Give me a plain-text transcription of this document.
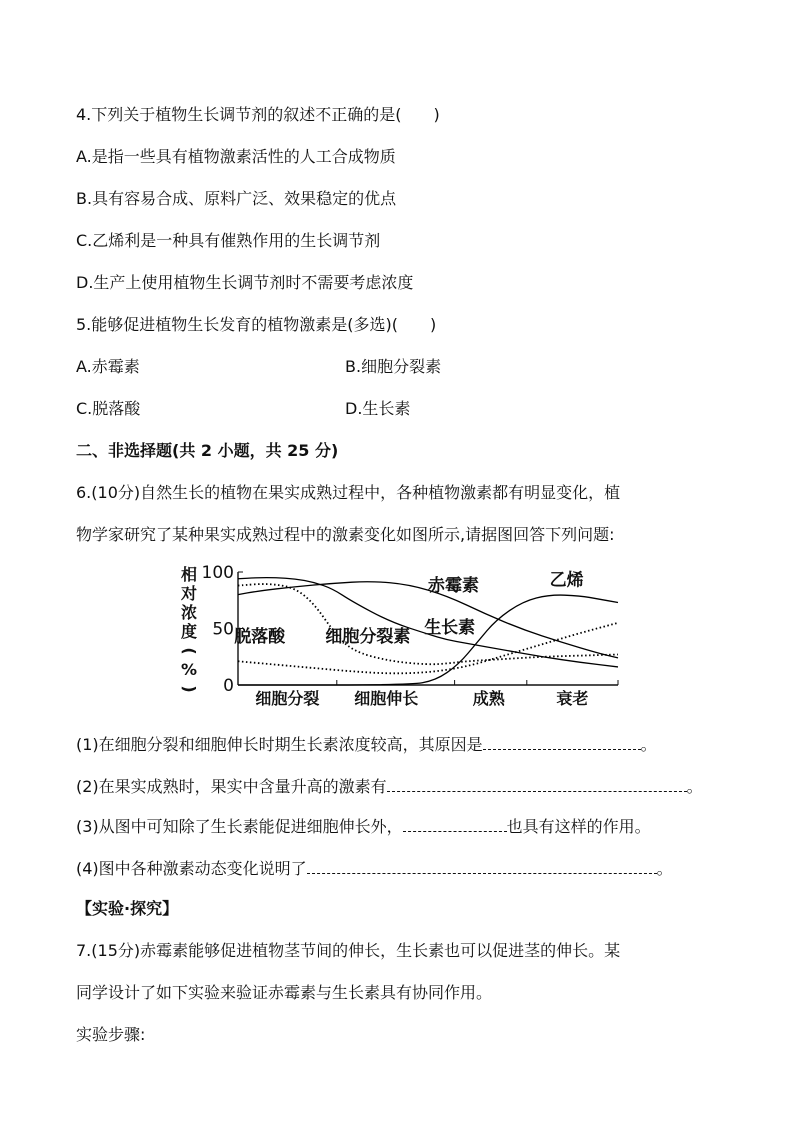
4.下列关于植物生长调节剂的叙述不正确的是(　　)
A.是指一些具有植物激素活性的人工合成物质
B.具有容易合成、原料广泛、效果稳定的优点
C.乙烯利是一种具有催熟作用的生长调节剂
D.生产上使用植物生长调节剂时不需要考虑浓度
5.能够促进植物生长发育的植物激素是(多选)(　　)
A.赤霉素	B.细胞分裂素
C.脱落酸	D.生长素
二、非选择题(共 2 小题，共 25 分)
6.(10分)自然生长的植物在果实成熟过程中，各种植物激素都有明显变化，植
物学家研究了某种果实成熟过程中的激素变化如图所示,请据图回答下列问题:
100
50
0
相
对
浓
度
(
%
)	细胞分裂 细胞伸长	成熟	衰老
赤霉素	乙烯
脱落酸 细胞分裂素 生长素
(1)在细胞分裂和细胞伸长时期生长素浓度较高，其原因是	。
(2)在果实成熟时，果实中含量升高的激素有	。
(3)从图中可知除了生长素能促进细胞伸长外，	也具有这样的作用。
(4)图中各种激素动态变化说明了	。
【实验·探究】
7.(15分)赤霉素能够促进植物茎节间的伸长，生长素也可以促进茎的伸长。某
同学设计了如下实验来验证赤霉素与生长素具有协同作用。
实验步骤:
